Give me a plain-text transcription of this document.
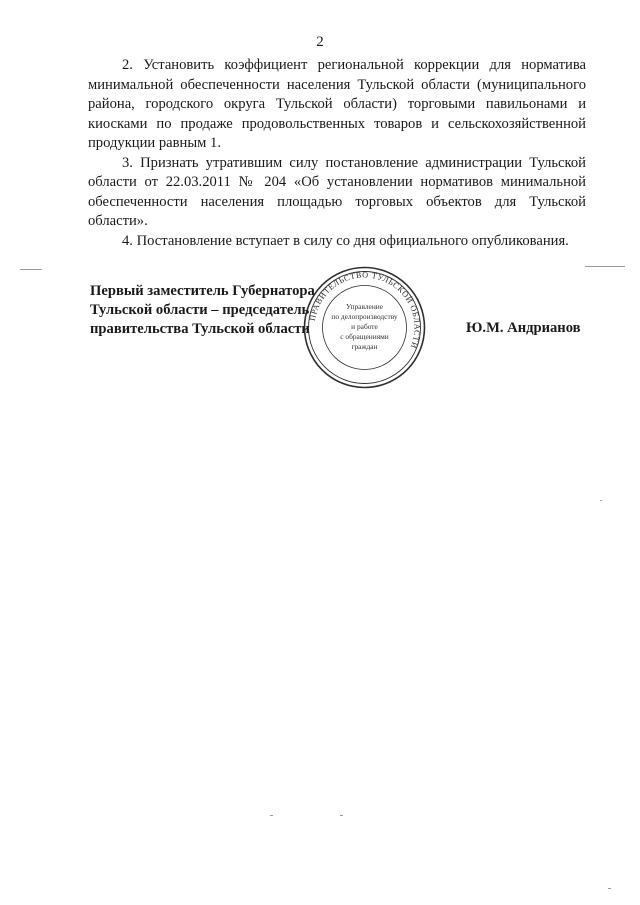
2

2. Установить коэффициент региональной коррекции для норматива минимальной обеспеченности населения Тульской области (муниципального района, городского округа Тульской области) торговыми павильонами и киосками по продаже продовольственных товаров и сельскохозяйственной продукции равным 1.

3. Признать утратившим силу постановление администрации Тульской области от 22.03.2011 № 204 «Об установлении нормативов минимальной обеспеченности населения площадью торговых объектов для Тульской области».

4. Постановление вступает в силу со дня официального опубликования.

Первый заместитель Губернатора
Тульской области – председатель
правительства Тульской области	Ю.М. Андрианов
ПРАВИТЕЛЬСТВО ТУЛЬСКОЙ ОБЛАСТИ
Управление
по делопроизводству
и работе
с обращениями
граждан
